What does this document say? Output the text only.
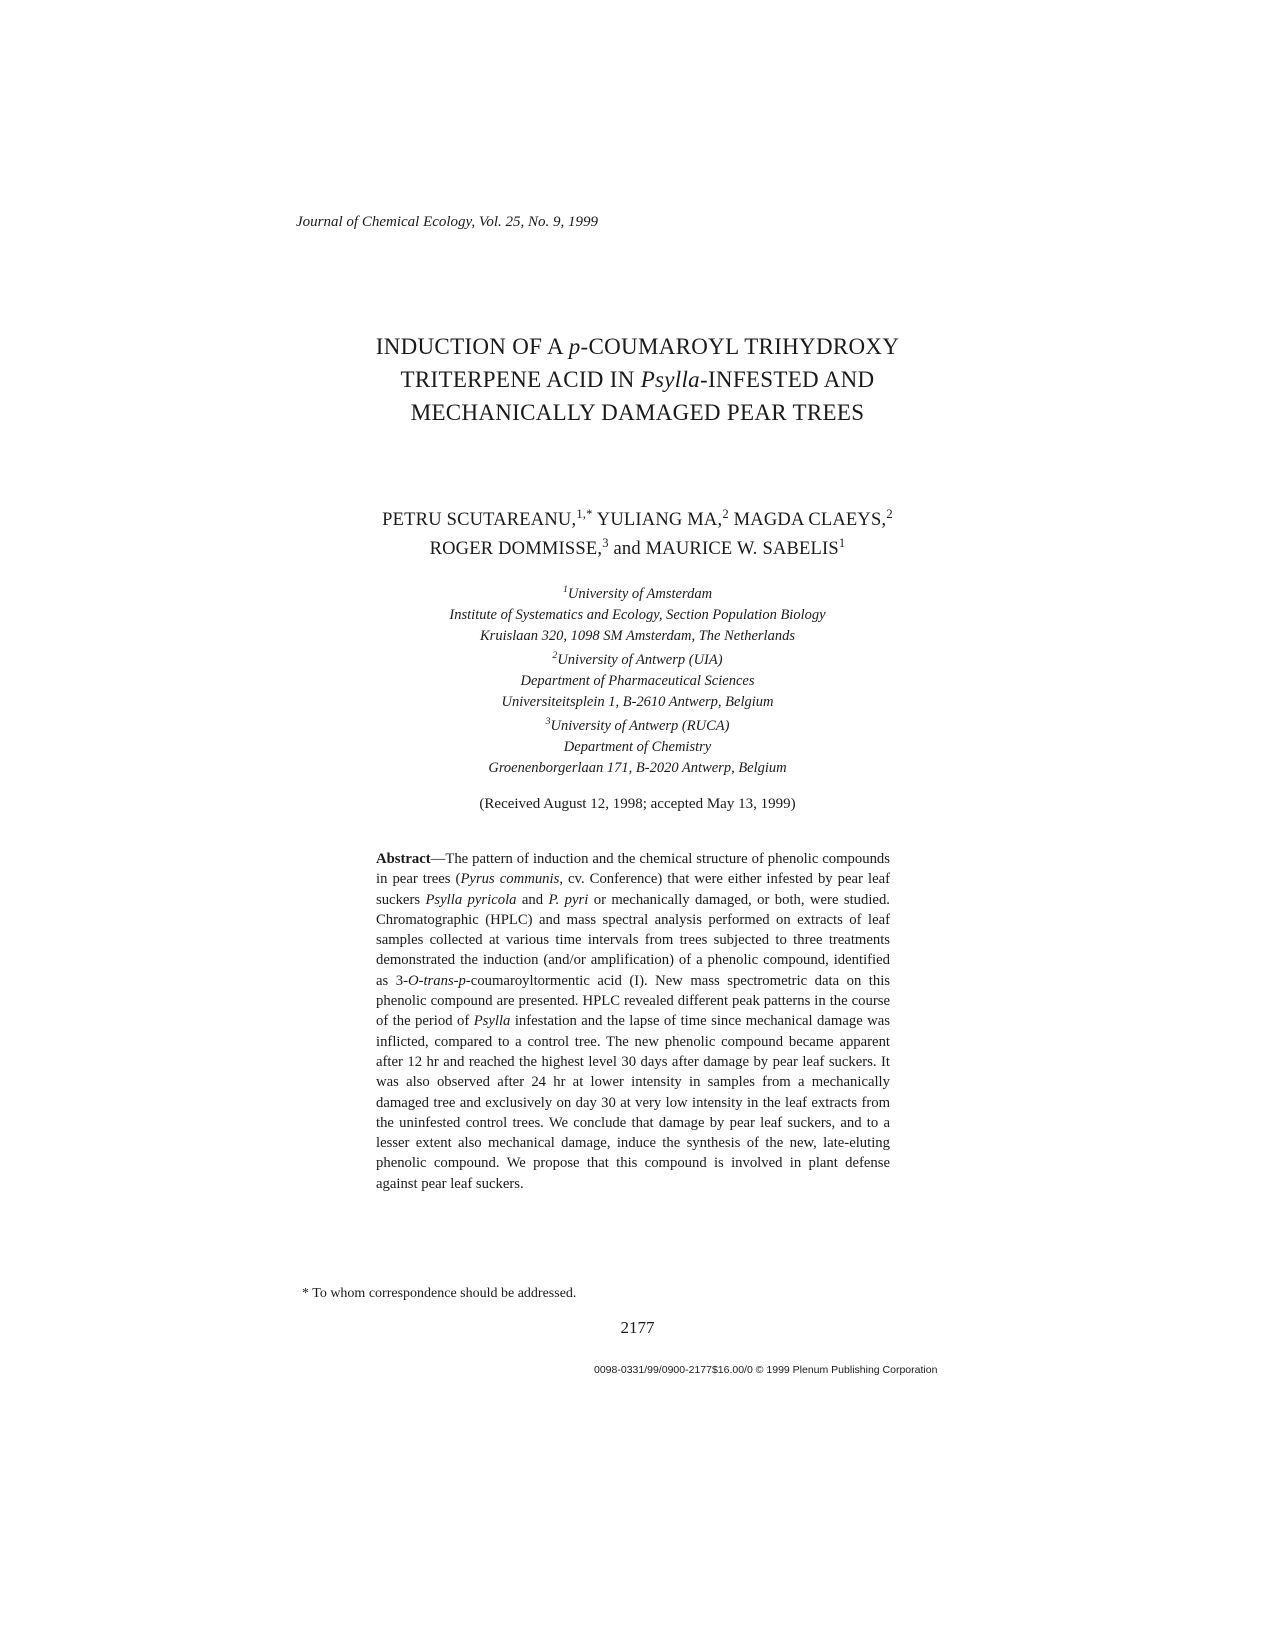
Journal of Chemical Ecology, Vol. 25, No. 9, 1999
INDUCTION OF A p-COUMAROYL TRIHYDROXY
TRITERPENE ACID IN Psylla-INFESTED AND
MECHANICALLY DAMAGED PEAR TREES
PETRU SCUTAREANU,$^{1,*}$ YULIANG MA,$^2$ MAGDA CLAEYS,$^2$
ROGER DOMMISSE,$^3$ and MAURICE W. SABELIS$^1$
$^1$University of Amsterdam
Institute of Systematics and Ecology, Section Population Biology
Kruislaan 320, 1098 SM Amsterdam, The Netherlands
$^2$University of Antwerp (UIA)
Department of Pharmaceutical Sciences
Universiteitsplein 1, B-2610 Antwerp, Belgium
$^3$University of Antwerp (RUCA)
Department of Chemistry
Groenenborgerlaan 171, B-2020 Antwerp, Belgium
(Received August 12, 1998; accepted May 13, 1999)
Abstract—The pattern of induction and the chemical structure of phenolic compounds in pear trees (Pyrus communis, cv. Conference) that were either infested by pear leaf suckers Psylla pyricola and P. pyri or mechanically damaged, or both, were studied. Chromatographic (HPLC) and mass spectral analysis performed on extracts of leaf samples collected at various time intervals from trees subjected to three treatments demonstrated the induction (and/or amplification) of a phenolic compound, identified as 3-O-trans-p-coumaroyltormentic acid (I). New mass spectrometric data on this phenolic compound are presented. HPLC revealed different peak patterns in the course of the period of Psylla infestation and the lapse of time since mechanical damage was inflicted, compared to a control tree. The new phenolic compound became apparent after 12 hr and reached the highest level 30 days after damage by pear leaf suckers. It was also observed after 24 hr at lower intensity in samples from a mechanically damaged tree and exclusively on day 30 at very low intensity in the leaf extracts from the uninfested control trees. We conclude that damage by pear leaf suckers, and to a lesser extent also mechanical damage, induce the synthesis of the new, late-eluting phenolic compound. We propose that this compound is involved in plant defense against pear leaf suckers.
* To whom correspondence should be addressed.
2177
0098-0331/99/0900-2177$16.00/0 © 1999 Plenum Publishing Corporation
